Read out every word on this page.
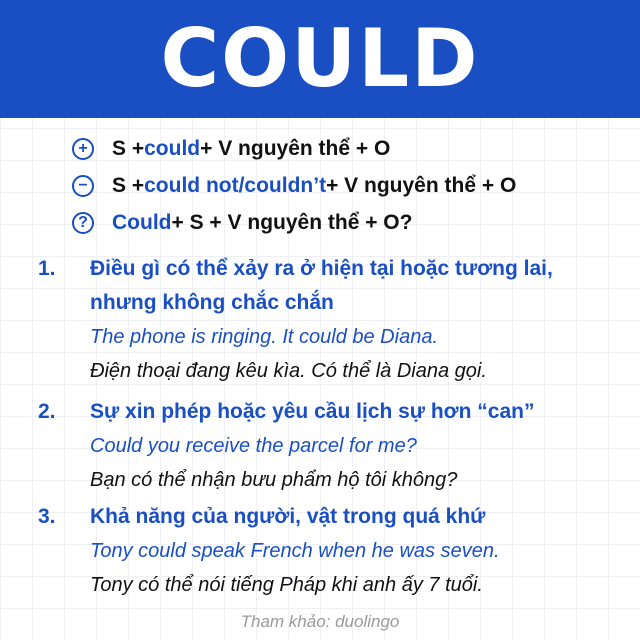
COULD
+	S + could + V nguyên thể + O
−	S + could not/couldn’t + V nguyên thể + O
? Could + S + V nguyên thể + O?
1.	Điều gì có thể xảy ra ở hiện tại hoặc tương lai, nhưng không chắc chắn
The phone is ringing. It could be Diana.
Điện thoại đang kêu kìa. Có thể là Diana gọi.
2.	Sự xin phép hoặc yêu cầu lịch sự hơn “can”
Could you receive the parcel for me?
Bạn có thể nhận bưu phẩm hộ tôi không?
3.	Khả năng của người, vật trong quá khứ
Tony could speak French when he was seven.
Tony có thể nói tiếng Pháp khi anh ấy 7 tuổi.
Tham khảo: duolingo
